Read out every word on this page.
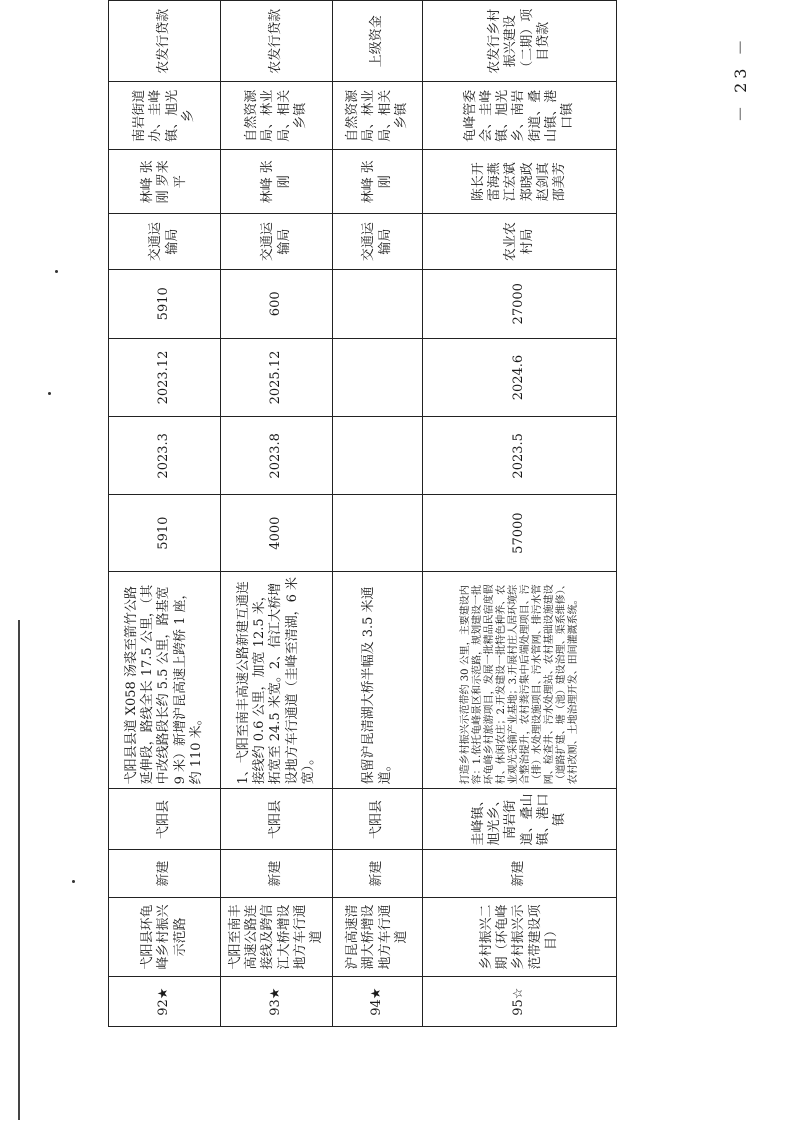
92★	弋阳县环龟峰乡村振兴示范路	新建	弋阳县	弋阳县县道 X058 汤裘至箭竹公路延伸段，路线全长 17.5 公里，（其中改线路段长约 5.5 公里，路基宽 9 米）新增沪昆高速上跨桥 1 座，约 110 米。	5910	2023.3	2023.12	5910	交通运输局	林峰 张刚 罗来平	南岩街道办、圭峰镇、旭光乡	农发行贷款
93★	弋阳至南丰高速公路连接线及跨信江大桥增设地方车行通道	新建	弋阳县	1、弋阳至南丰高速公路新建互通连接线约 0.6 公里，加宽 12.5 米，拓宽至 24.5 米宽。2、信江大桥增设地方车行通道（圭峰至清湖，6 米宽）。	4000	2023.8	2025.12	600	交通运输局	林峰 张刚	自然资源局、林业局、相关乡镇	农发行贷款
94★	沪昆高速清湖大桥增设地方车行通道	新建	弋阳县	保留沪昆清湖大桥半幅及 3.5 米通道。					交通运输局	林峰 张刚	自然资源局、林业局、相关乡镇	上级资金
95☆	乡村振兴二期（环龟峰乡村振兴示范带建设项目）	新建	圭峰镇、旭光乡、南岩街道、叠山镇、港口镇	打造乡村振兴示范带约 30 公里，主要建设内容：1.依托龟峰景区和示范路，规划建设一批环龟峰乡村旅游项目，发展一批精品民宿度假村、休闲农庄；2.开发建设一批特色种养、农业观光采摘产业基地；3.开展村庄人居环境综合整治提升，农村粪污集中后端处理项目、污（排）水处理设施项目、污水管网、排污水管网、检查井、污水处理站、农村基础设施建设（道路扩建、塘（池）建设治理、渠系维修）、农村改厕、土地治理开发、田间灌溉系统。	57000	2023.5	2024.6	27000	农业农村局	陈长开 雷海燕 江宏斌 郑晓政 赵剑真 邵美芳	龟峰管委会、圭峰镇、旭光乡、南岩街道、叠山镇、港口镇	农发行乡村振兴建设（二期）项目贷款	－ 23 －
